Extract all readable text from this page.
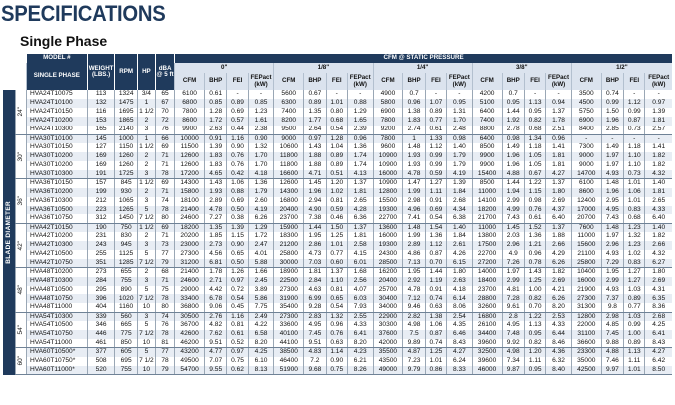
SPECIFICATIONS
Single Phase
		MODEL #	WEIGHT (LBS.)	RPM	HP	dBA @ 5 ft	CFM @ STATIC PRESSURE																			
		SINGLE PHASE					0"				1/8"				1/4"				3/8"				1/2"			
							CFM	BHP	FEI	FEPact (kW)	CFM	BHP	FEI	FEPact (kW)	CFM	BHP	FEI	FEPact (kW)	CFM	BHP	FEI	FEPact (kW)	CFM	BHP	FEI	FEPact (kW)

BLADE DIAMETER	24"	HVA24T10075	113	1324	3/4	65	6100	0.61	-	-	5600	0.67	-	-	4900	0.7	-	-	4200	0.7	-	-	3500	0.74	-	-
		HVA24T10100	132	1475	1	67	6800	0.85	0.89	0.85	6300	0.89	1.01	0.88	5800	0.96	1.07	0.95	5100	0.95	1.13	0.94	4500	0.99	1.12	0.97
		HVA24T10150	116	1695	1 1/2	70	7800	1.28	0.69	1.23	7400	1.35	0.80	1.29	6900	1.38	0.89	1.31	6400	1.44	0.95	1.37	5750	1.50	0.99	1.39
		HVA24T10200	153	1865	2	72	8600	1.72	0.57	1.61	8200	1.77	0.68	1.65	7800	1.83	0.77	1.70	7400	1.92	0.82	1.78	6900	1.96	0.87	1.81
		HVA24T10300	165	2140	3	76	9900	2.63	0.44	2.38	9500	2.64	0.54	2.39	9200	2.74	0.61	2.48	8800	2.78	0.68	2.51	8400	2.85	0.73	2.57

	30"	HVA30T10100	145	1000	1	66	10000	0.91	1.16	0.90	9000	0.97	1.28	0.96	7800	1	1.33	0.98	6400	0.98	1.34	0.96	-	-	-	-
		HVA30T10150	127	1150	1 1/2	69	11500	1.39	0.90	1.32	10600	1.43	1.04	1.36	9600	1.48	1.12	1.40	8500	1.49	1.18	1.41	7300	1.49	1.18	1.41
		HVA30T10200	169	1260	2	71	12600	1.83	0.76	1.70	11800	1.88	0.89	1.74	10900	1.93	0.99	1.79	9900	1.96	1.05	1.81	9000	1.97	1.10	1.82
		HVA30T10200	169	1260	2	71	12600	1.83	0.76	1.70	11800	1.88	0.89	1.74	10900	1.93	0.99	1.79	9900	1.96	1.05	1.81	9000	1.97	1.10	1.82
		HVA30T10300	191	1725	3	78	17200	4.65	0.42	4.18	16600	4.71	0.51	4.13	16000	4.78	0.59	4.19	15400	4.88	0.67	4.27	14700	4.93	0.73	4.32

	36"	HVA36T10150	157	845	1 1/2	69	14300	1.43	1.06	1.36	12600	1.45	1.20	1.37	10900	1.47	1.27	1.39	8500	1.44	1.22	1.37	6100	1.48	1.01	1.40
		HVA36T10200	199	930	2	71	15800	1.93	0.88	1.79	14300	1.96	1.02	1.81	12800	1.99	1.11	1.84	11000	1.94	1.15	1.80	8600	1.96	1.06	1.81
		HVA36T10300	212	1065	3	74	18100	2.89	0.69	2.60	16800	2.94	0.81	2.65	15500	2.98	0.91	2.68	14100	2.99	0.98	2.69	12400	2.95	1.01	2.65
		HVA36T10500	223	1265	5	78	21400	4.78	0.50	4.19	20400	4.90	0.59	4.28	19300	4.96	0.69	4.34	18200	4.99	0.76	4.37	17000	4.95	0.83	4.33
		HVA36T10750	312	1450	7 1/2	80	24600	7.27	0.38	6.26	23700	7.38	0.46	6.36	22700	7.41	0.54	6.38	21700	7.43	0.61	6.40	20700	7.43	0.68	6.40

	42"	HVA42T10150	190	750	1 1/2	69	18200	1.35	1.39	1.29	15900	1.44	1.50	1.37	13600	1.48	1.54	1.40	11000	1.45	1.52	1.37	7600	1.48	1.23	1.40
		HVA42T10200	231	830	2	71	20200	1.85	1.15	1.72	18300	1.95	1.25	1.81	16000	1.99	1.36	1.84	13800	2.03	1.36	1.88	11000	1.97	1.32	1.82
		HVA42T10300	243	945	3	73	23000	2.73	0.90	2.47	21200	2.86	1.01	2.58	19300	2.89	1.12	2.61	17500	2.96	1.21	2.66	15600	2.96	1.23	2.66
		HVA42T10500	255	1125	5	77	27300	4.56	0.65	4.01	25800	4.73	0.77	4.15	24300	4.86	0.87	4.26	22700	4.9	0.96	4.29	21100	4.93	1.02	4.32
		HVA42T10750	351	1285	7 1/2	79	31200	6.81	0.50	5.88	30000	7.03	0.60	6.01	28500	7.13	0.70	6.15	27200	7.26	0.78	6.26	25800	7.29	0.83	6.27

	48"	HVA48T10200	273	655	2	68	21400	1.78	1.26	1.66	18900	1.81	1.37	1.68	16200	1.95	1.44	1.80	14000	1.97	1.43	1.82	10400	1.95	1.27	1.80
		HVA48T10300	284	755	3	71	24600	2.71	0.97	2.45	22500	2.84	1.10	2.56	20400	2.92	1.19	2.63	18400	2.99	1.25	2.69	16000	2.99	1.27	2.69
		HVA48T10500	295	890	5	75	29000	4.42	0.72	3.89	27300	4.63	0.81	4.07	25700	4.78	0.91	4.18	23700	4.81	1.00	4.21	21900	4.93	1.03	4.31
		HVA48T10750	396	1020	7 1/2	78	33400	6.78	0.54	5.86	31900	6.99	0.65	6.03	30400	7.12	0.74	6.14	28800	7.28	0.82	6.26	27300	7.37	0.89	6.35
		HVA48T11000	404	1160	10	80	36800	9.06	0.45	7.75	35400	9.28	0.54	7.93	34000	9.46	0.63	8.06	32600	9.61	0.70	8.20	31300	9.8	0.77	8.36

	54"	HVA54T10300	339	560	3	74	30500	2.76	1.16	2.49	27300	2.83	1.32	2.55	22900	2.82	1.38	2.54	16800	2.8	1.22	2.53	12800	2.98	1.03	2.68
		HVA54T10500	346	665	5	76	36700	4.82	0.81	4.22	33600	4.95	0.96	4.33	30300	4.98	1.06	4.35	26100	4.95	1.13	4.33	22000	4.85	0.99	4.25
		HVA54T10750	446	775	7 1/2	78	42600	7.62	0.61	6.58	40100	7.45	0.76	6.41	37600	7.5	0.87	6.46	34400	7.48	0.95	6.44	31100	7.45	1.00	6.41
		HVA54T11000	461	850	10	81	46200	9.51	0.52	8.20	44100	9.51	0.63	8.20	42000	9.89	0.74	8.43	39600	9.92	0.82	8.46	36600	9.88	0.89	8.43

	60"	HVA60T10500*	377	605	5	77	43200	4.77	0.97	4.25	38500	4.83	1.14	4.23	35500	4.87	1.25	4.27	32500	4.98	1.20	4.36	23300	4.88	1.13	4.27
		HVA60T10750*	508	695	7 1/2	78	49500	7.07	0.75	6.10	46400	7.2	0.90	6.21	43500	7.23	1.01	6.24	39600	7.34	1.11	6.32	35000	7.46	1.11	6.42
		HVA60T11000*	520	755	10	79	54700	9.55	0.62	8.13	51900	9.68	0.75	8.26	49000	9.79	0.86	8.33	46000	9.87	0.95	8.40	42500	9.97	1.01	8.50
